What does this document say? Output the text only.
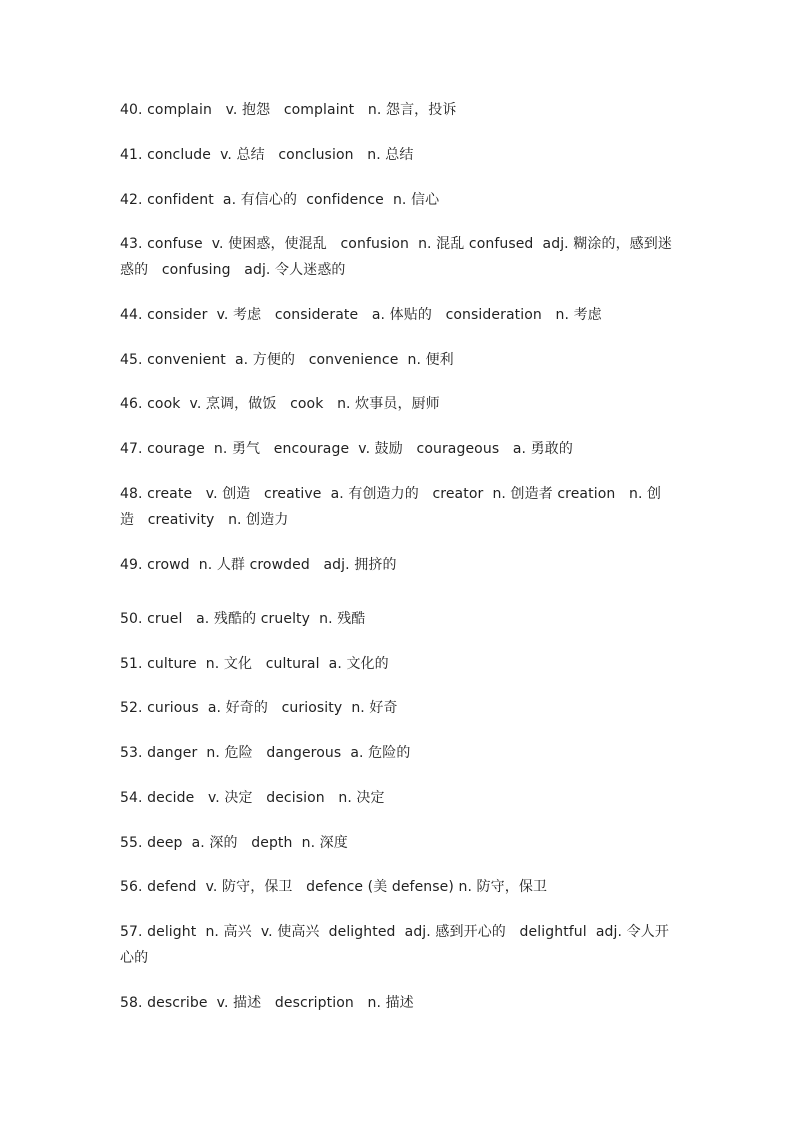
40. complain   v. 抱怨   complaint   n. 怨言，投诉
41. conclude  v. 总结   conclusion   n. 总结
42. confident  a. 有信心的  confidence  n. 信心
43. confuse  v. 使困惑，使混乱   confusion  n. 混乱 confused  adj. 糊涂的，感到迷惑的   confusing   adj. 令人迷惑的
44. consider  v. 考虑   considerate   a. 体贴的   consideration   n. 考虑
45. convenient  a. 方便的   convenience  n. 便利
46. cook  v. 烹调，做饭   cook   n. 炊事员，厨师
47. courage  n. 勇气   encourage  v. 鼓励   courageous   a. 勇敢的
48. create   v. 创造   creative  a. 有创造力的   creator  n. 创造者 creation   n. 创造   creativity   n. 创造力
49. crowd  n. 人群 crowded   adj. 拥挤的
50. cruel   a. 残酷的 cruelty  n. 残酷
51. culture  n. 文化   cultural  a. 文化的
52. curious  a. 好奇的   curiosity  n. 好奇
53. danger  n. 危险   dangerous  a. 危险的
54. decide   v. 决定   decision   n. 决定
55. deep  a. 深的   depth  n. 深度
56. defend  v. 防守，保卫   defence (美 defense) n. 防守，保卫
57. delight  n. 高兴  v. 使高兴  delighted  adj. 感到开心的   delightful  adj. 令人开心的
58. describe  v. 描述   description   n. 描述
